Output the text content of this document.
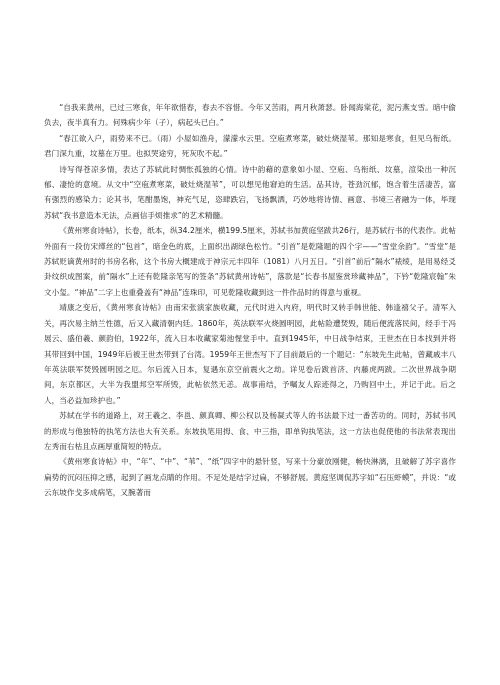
“自我来黄州，已过三寒食，年年欲惜春，春去不容惜。今年又苦雨，两月秋萧瑟。卧闻海棠花，泥污燕支雪。暗中偷负去，夜半真有力。何殊病少年（子），病起头已白。”

“春江欲入户，雨势来不已。（雨）小屋如渔舟，濛濛水云里。空庖煮寒菜，破灶烧湿苇。那知是寒食，但见乌衔纸。君门深九重，坟墓在万里。也拟哭途穷，死灰吹不起。”

诗写得苍凉多情，表达了苏轼此时惆怅孤独的心情。诗中韵藉的意象如小屋、空庖、乌衔纸、坟墓，渲染出一种沉郁、凄怆的意境。从文中“空庖煮寒菜，破灶烧湿苇”，可以想见他窘迫的生活。品其诗，苍劲沉郁，饱含着生活凄苦，富有强烈的感染力；论其书，笔酣墨饱，神充气足，恣肆跌宕，飞扬飘洒，巧妙地将诗情、画意、书境三者融为一体，毕现苏轼“我书意造本无法，点画信手烦推求”的艺术精髓。

《黄州寒食诗帖》，长卷，纸本，纵34.2厘米，横199.5厘米，苏轼书加黄庭坚跋共26行，是苏轼行书的代表作。此帖外面有一段仿宋缂丝的“包首”，暗金色的底，上面织出湖绿色松竹。“引首”是乾隆题的四个字——“雪堂余韵”。“雪堂”是苏轼贬谪黄州时的书房名称，这个书房大概建成于神宗元丰四年（1081）八月五日。“引首”前后“隔水”裱绫，是用易经爻卦纹织成图案，前“隔水”上还有乾隆亲笔写的签条“苏轼黄州诗帖”，落款是“长春书屋鉴赏珍藏神品”，下钤“乾隆宸翰”朱文小玺。“神品”二字上也重叠盖有“神品”连珠印，可见乾隆收藏到这一件作品时的得意与重视。

靖康之变后，《黄州寒食诗帖》由南宋张演家族收藏，元代时进入内府，明代时又转手韩世能、韩逢禧父子。清军入关，再次易主纳兰性德，后又入藏清朝内廷。1860年，英法联军火烧圆明园，此帖险遭焚毁，随后便流落民间，经手于冯展云、盛伯羲、颜韵伯，1922年，流入日本收藏家菊池惺堂手中。直到1945年，中日战争结束，王世杰在日本找到并将其带回到中国，1949年后被王世杰带到了台湾。1959年王世杰写下了目前最后的一个题记：“东坡先生此帖，曾藏戚丰八年英法联军焚毁圆明园之厄。尔后流入日本，复遇东京空前震火之劫。详见卷后跋首济、内藤虎两跋。二次世界战争期间，东京都区，大半为我盟邦空军所毁，此帖依然无恙。战事甫结，予嘱友人踪迹得之，乃购回中土，并记于此。后之人，当必益加珍护也。”

苏轼在学书的道路上，对王羲之、李邕、颜真卿、柳公权以及杨凝式等人的书法最下过一番苦功的。同时，苏轼书风的形成与他独特的执笔方法也大有关系。东坡执笔用拇、食、中三指，即单钩执笔法，这一方法也促使他的书法常表现出左秀而右枯且点画厚重简短的特点。

《黄州寒食诗帖》中，“年”、“中”、“苇”、“纸”四字中的悬针竖，写来十分豪放刚健，畅快淋漓，且破解了苏字喜作扁势的沉闷压抑之感，起到了画龙点睛的作用。不足处是结字过扁，不够舒展。黄庭坚调侃苏字如“石压虾蟆”，并说：“或云东坡作戈多成病笔，又腕著而
